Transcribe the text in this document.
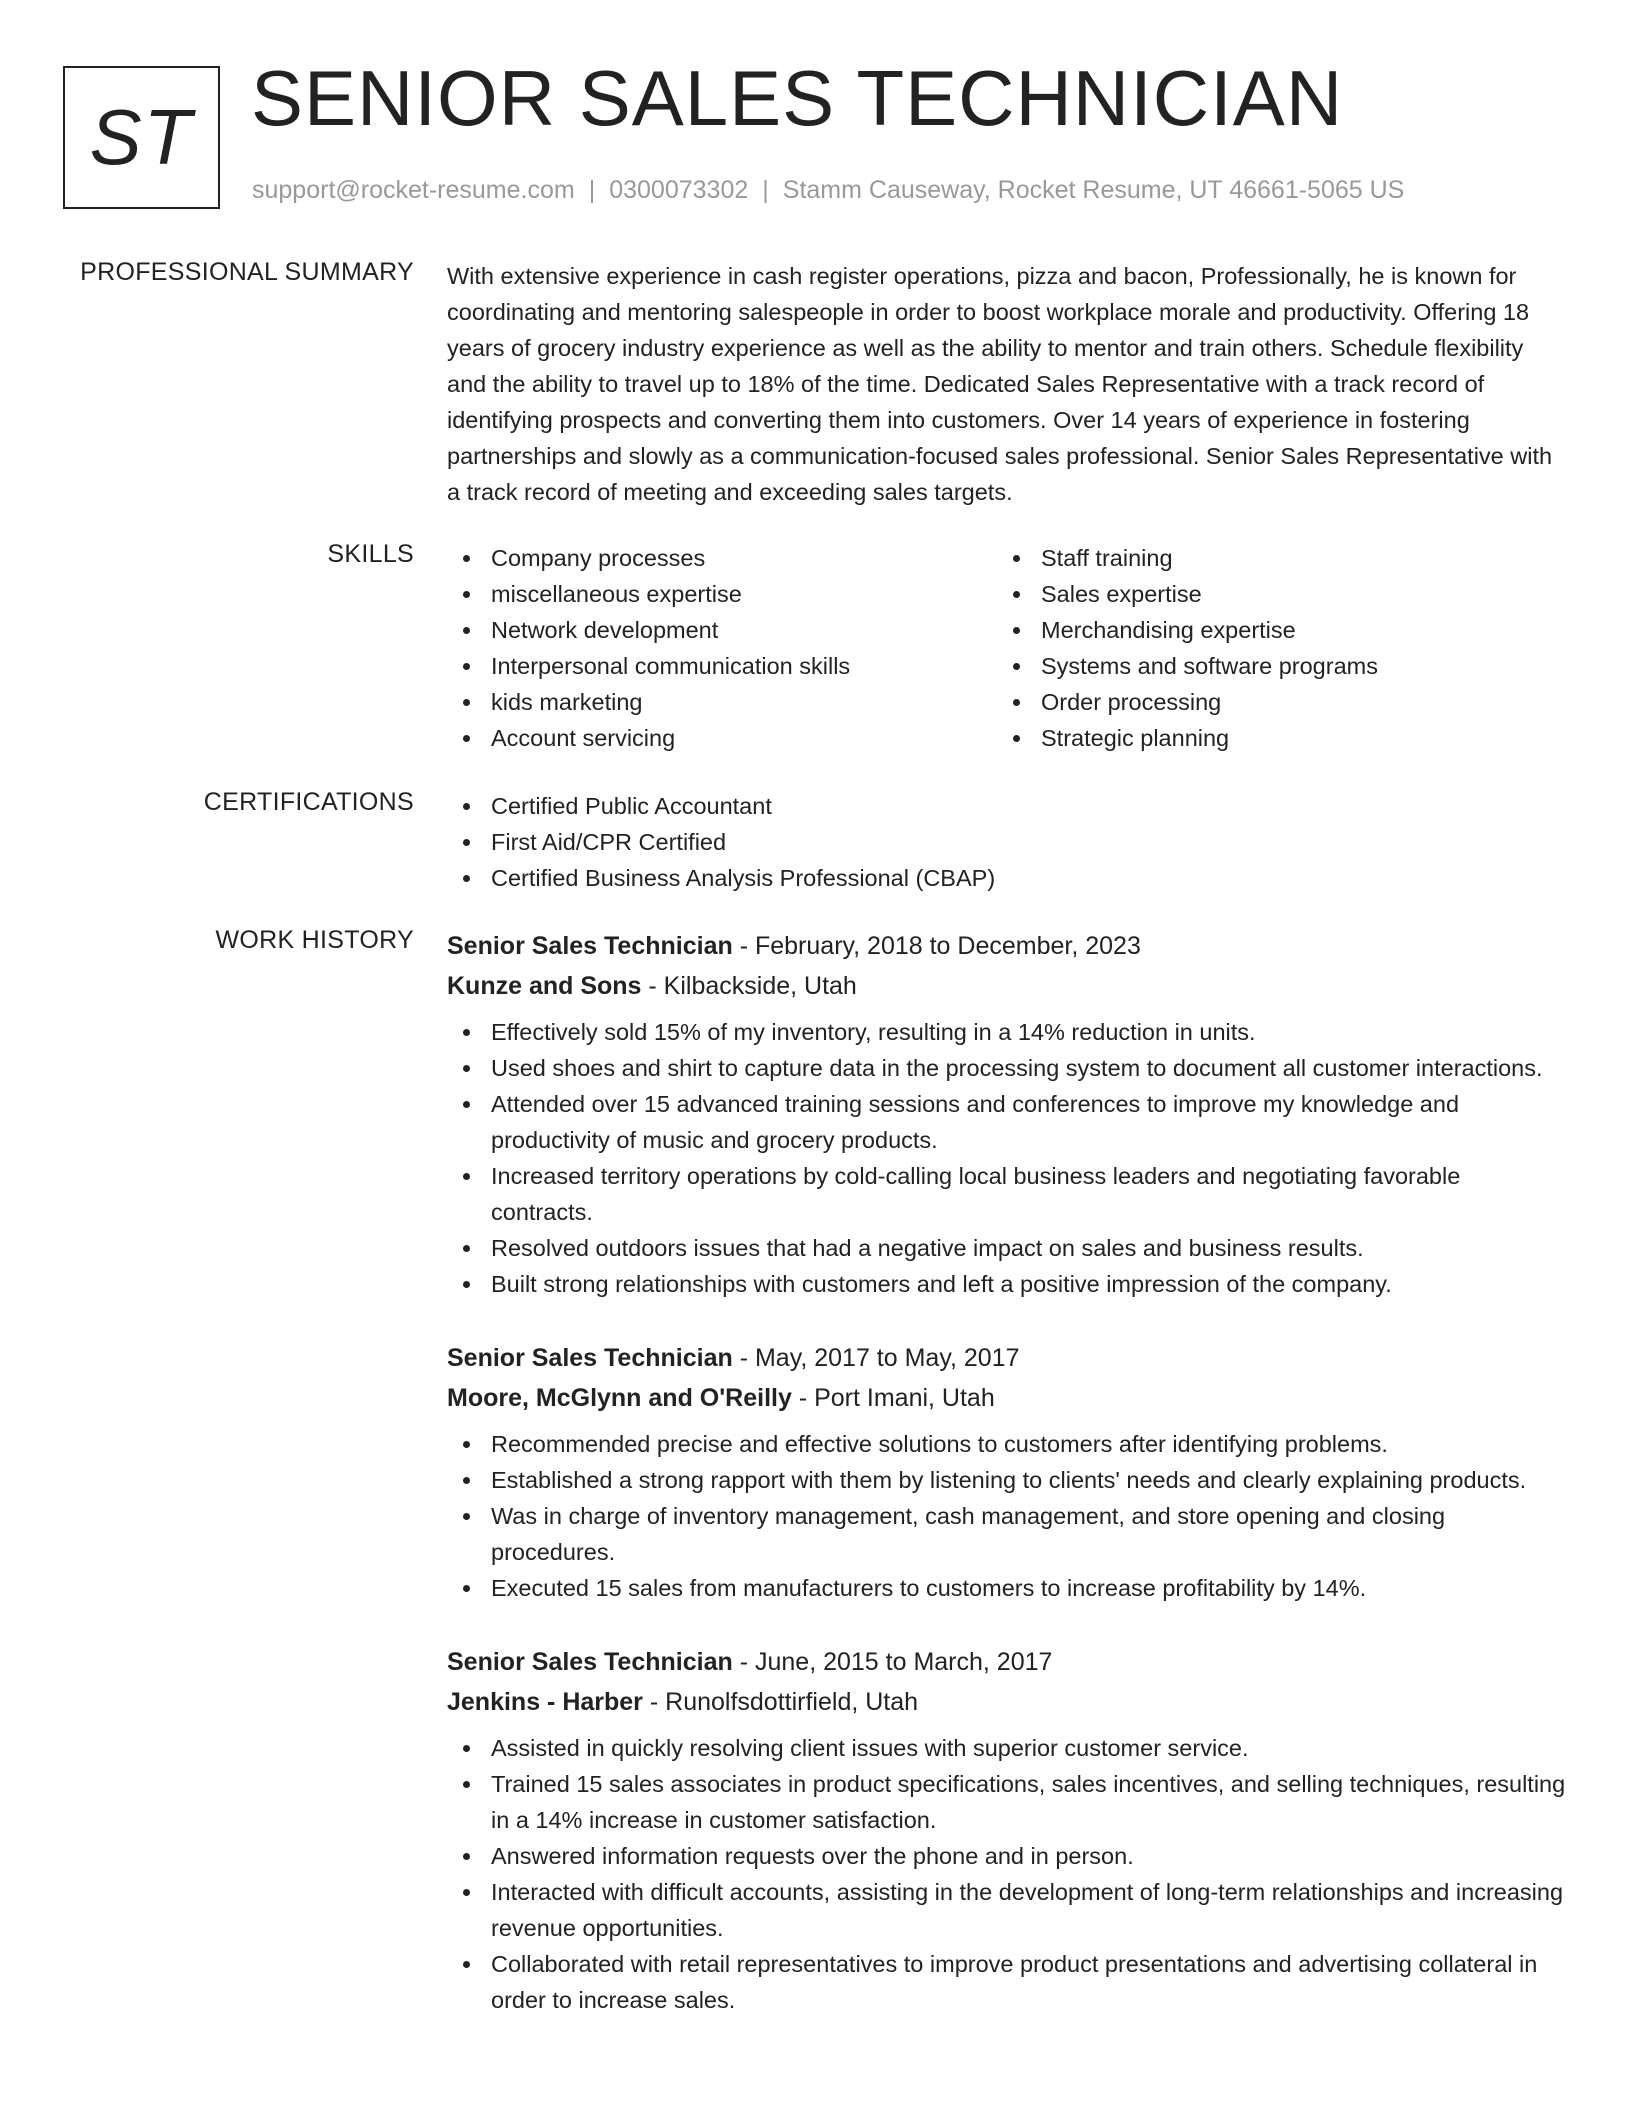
ST SENIOR SALES TECHNICIAN
support@rocket-resume.com | 0300073302 | Stamm Causeway, Rocket Resume, UT 46661-5065 US
PROFESSIONAL SUMMARY With extensive experience in cash register operations, pizza and bacon, Professionally, he is known for coordinating and mentoring salespeople in order to boost workplace morale and productivity. Offering 18 years of grocery industry experience as well as the ability to mentor and train others. Schedule flexibility and the ability to travel up to 18% of the time. Dedicated Sales Representative with a track record of identifying prospects and converting them into customers. Over 14 years of experience in fostering partnerships and slowly as a communication-focused sales professional. Senior Sales Representative with a track record of meeting and exceeding sales targets.
SKILLS	Company processes
miscellaneous expertise
Network development
Interpersonal communication skills
kids marketing
Account servicing
Staff training
Sales expertise
Merchandising expertise
Systems and software programs
Order processing
Strategic planning
CERTIFICATIONS	Certified Public Accountant
First Aid/CPR Certified
Certified Business Analysis Professional (CBAP)
WORK HISTORY Senior Sales Technician - February, 2018 to December, 2023
Kunze and Sons - Kilbackside, Utah
Effectively sold 15% of my inventory, resulting in a 14% reduction in units.
Used shoes and shirt to capture data in the processing system to document all customer interactions.
Attended over 15 advanced training sessions and conferences to improve my knowledge and productivity of music and grocery products.
Increased territory operations by cold-calling local business leaders and negotiating favorable contracts.
Resolved outdoors issues that had a negative impact on sales and business results.
Built strong relationships with customers and left a positive impression of the company.
Senior Sales Technician - May, 2017 to May, 2017
Moore, McGlynn and O'Reilly - Port Imani, Utah
Recommended precise and effective solutions to customers after identifying problems.
Established a strong rapport with them by listening to clients' needs and clearly explaining products.
Was in charge of inventory management, cash management, and store opening and closing procedures.
Executed 15 sales from manufacturers to customers to increase profitability by 14%.
Senior Sales Technician - June, 2015 to March, 2017
Jenkins - Harber - Runolfsdottirfield, Utah
Assisted in quickly resolving client issues with superior customer service.
Trained 15 sales associates in product specifications, sales incentives, and selling techniques, resulting in a 14% increase in customer satisfaction.
Answered information requests over the phone and in person.
Interacted with difficult accounts, assisting in the development of long-term relationships and increasing revenue opportunities.
Collaborated with retail representatives to improve product presentations and advertising collateral in order to increase sales.
